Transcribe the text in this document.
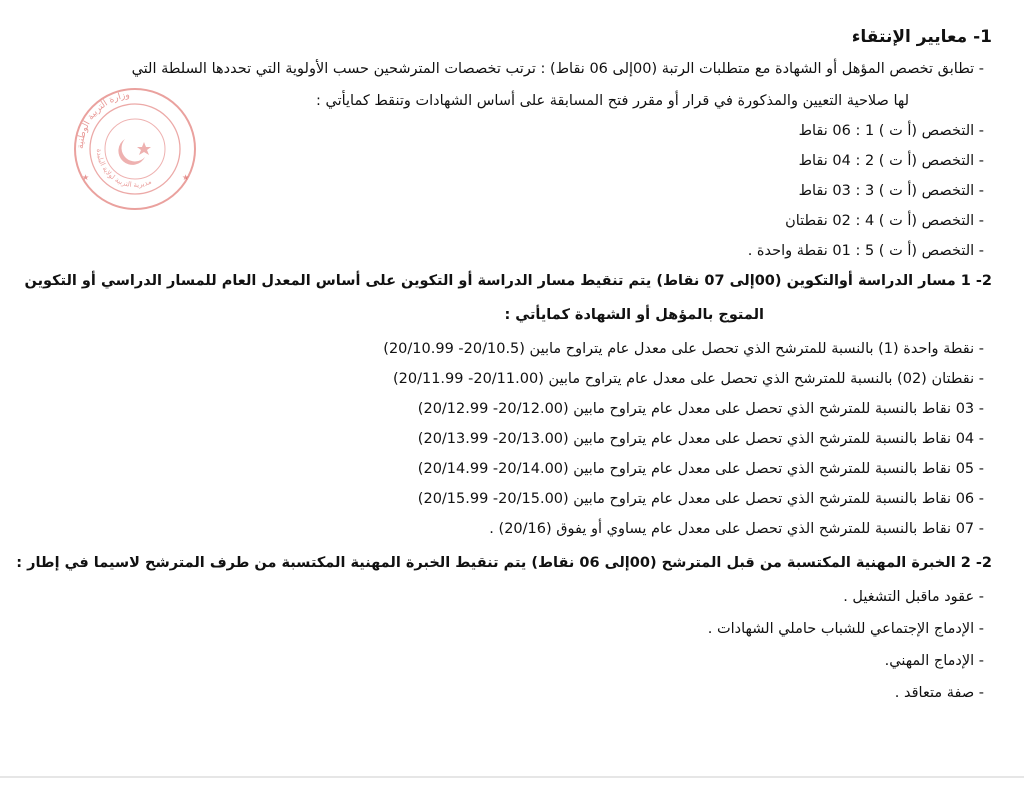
وزارة التربية الوطنية
مديرية التربية لولاية البليدة
★	★
1- معايير الإنتقاء
- تطابق تخصص المؤهل أو الشهادة مع متطلبات الرتبة (00إلى 06 نقاط) : ترتب تخصصات المترشحين حسب الأولوية التي تحددها السلطة التي
لها صلاحية التعيين والمذكورة في قرار أو مقرر فتح المسابقة على أساس الشهادات وتنقط كمايأتي :
- التخصص (أ ت ) 1 : 06 نقاط
- التخصص (أ ت ) 2 : 04 نقاط
- التخصص (أ ت ) 3 : 03 نقاط
- التخصص (أ ت ) 4 : 02 نقطتان
- التخصص (أ ت ) 5 : 01 نقطة واحدة .
2- 1 مسار الدراسة أوالتكوين (00إلى 07 نقاط) يتم تنقيط مسار الدراسة أو التكوين على أساس المعدل العام للمسار الدراسي أو التكوين
المتوج بالمؤهل أو الشهادة كمايأتي :
- نقطة واحدة (1) بالنسبة للمترشح الذي تحصل على معدل عام يتراوح مابين (20/10.5- 20/10.99)
- نقطتان (02) بالنسبة للمترشح الذي تحصل على معدل عام يتراوح مابين (20/11.00- 20/11.99)
- 03 نقاط بالنسبة للمترشح الذي تحصل على معدل عام يتراوح مابين (20/12.00- 20/12.99)
- 04 نقاط بالنسبة للمترشح الذي تحصل على معدل عام يتراوح مابين (20/13.00- 20/13.99)
- 05 نقاط بالنسبة للمترشح الذي تحصل على معدل عام يتراوح مابين (20/14.00- 20/14.99)
- 06 نقاط بالنسبة للمترشح الذي تحصل على معدل عام يتراوح مابين (20/15.00- 20/15.99)
- 07 نقاط بالنسبة للمترشح الذي تحصل على معدل عام يساوي أو يفوق (20/16) .
2- 2 الخبرة المهنية المكتسبة من قبل المترشح (00إلى 06 نقاط) يتم تنقيط الخبرة المهنية المكتسبة من طرف المترشح لاسيما في إطار :
- عقود ماقبل التشغيل .
- الإدماج الإجتماعي للشباب حاملي الشهادات .
- الإدماج المهني.
- صفة متعاقد .
